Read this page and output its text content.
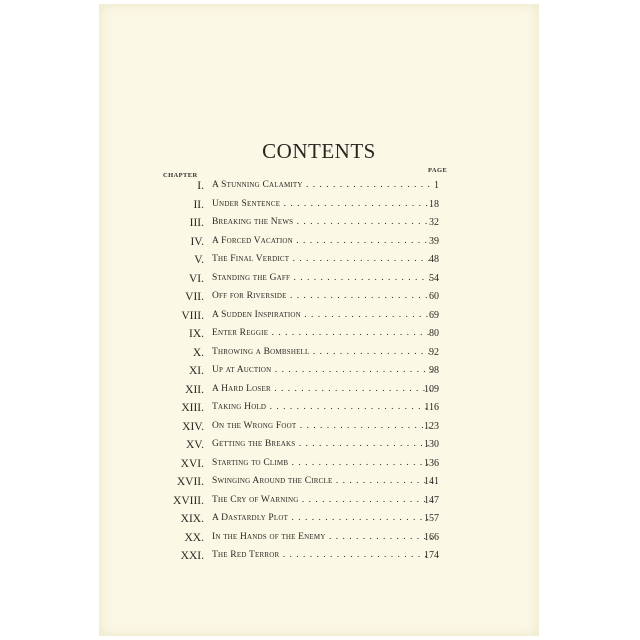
CONTENTS
CHAPTER
PAGE
I. A Stunning Calamity . . .	1
II. Under Sentence . . .	18
III. Breaking the News . . .	32
IV. A Forced Vacation . . .	39
V. The Final Verdict . . .	48
VI. Standing the Gaff . . .	54
VII. Off for Riverside . . .	60
VIII. A Sudden Inspiration . . .	69
IX. Enter Reggie . . .	80
X. Throwing a Bombshell . . .	92
XI. Up at Auction . . .	98
XII. A Hard Loser . . .	109
XIII. Taking Hold . . .	116
XIV. On the Wrong Foot . . .	123
XV. Getting the Breaks . . .	130
XVI. Starting to Climb . . .	136
XVII. Swinging Around the Circle . . .	141
XVIII. The Cry of Warning . . .	147
XIX. A Dastardly Plot . . .	157
XX. In the Hands of the Enemy . . .	166
XXI. The Red Terror . . .	174
